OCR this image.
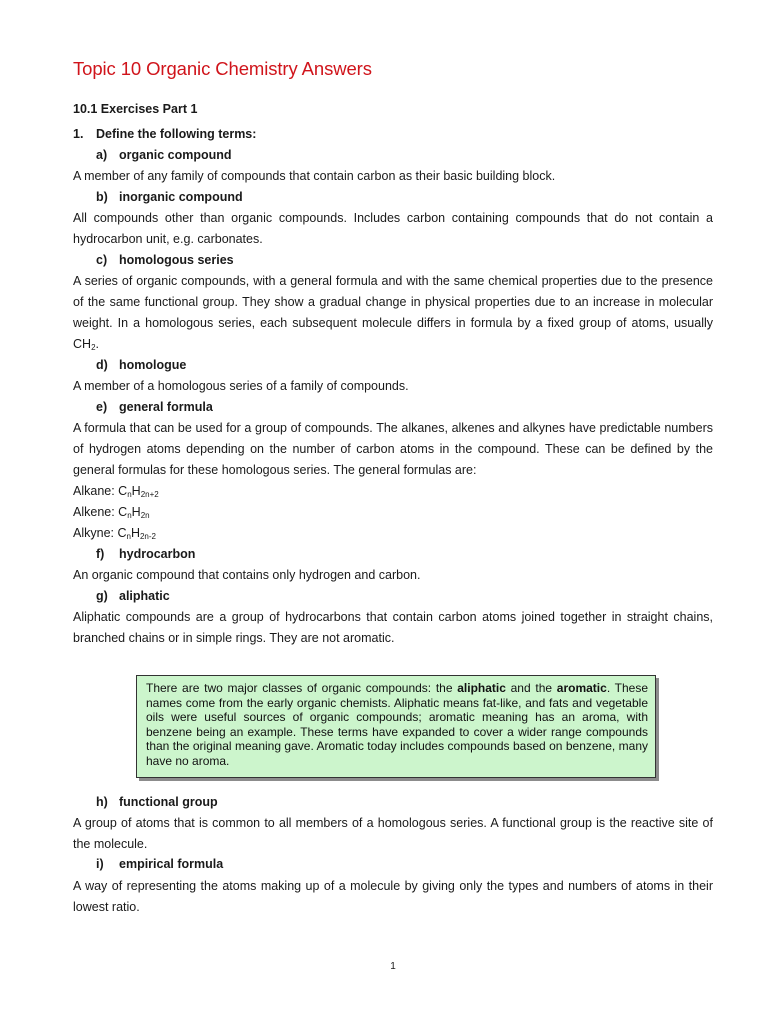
Topic 10 Organic Chemistry Answers
10.1 Exercises Part 1
1. Define the following terms:
a) organic compound
A member of any family of compounds that contain carbon as their basic building block.
b) inorganic compound
All compounds other than organic compounds. Includes carbon containing compounds that do not contain a hydrocarbon unit, e.g. carbonates.
c) homologous series
A series of organic compounds, with a general formula and with the same chemical properties due to the presence of the same functional group. They show a gradual change in physical properties due to an increase in molecular weight. In a homologous series, each subsequent molecule differs in formula by a fixed group of atoms, usually $CH_2$.
d) homologue
A member of a homologous series of a family of compounds.
e) general formula
A formula that can be used for a group of compounds. The alkanes, alkenes and alkynes have predictable numbers of hydrogen atoms depending on the number of carbon atoms in the compound. These can be defined by the general formulas for these homologous series. The general formulas are:
Alkane: $C_nH_{2n+2}$
Alkene: $C_nH_{2n}$
Alkyne: $C_nH_{2n-2}$
f) hydrocarbon
An organic compound that contains only hydrogen and carbon.
g) aliphatic
Aliphatic compounds are a group of hydrocarbons that contain carbon atoms joined together in straight chains, branched chains or in simple rings. They are not aromatic.
There are two major classes of organic compounds: the aliphatic and the aromatic. These names come from the early organic chemists. Aliphatic means fat-like, and fats and vegetable oils were useful sources of organic compounds; aromatic meaning has an aroma, with benzene being an example. These terms have expanded to cover a wider range compounds than the original meaning gave. Aromatic today includes compounds based on benzene, many have no aroma.
h) functional group
A group of atoms that is common to all members of a homologous series. A functional group is the reactive site of the molecule.
i) empirical formula
A way of representing the atoms making up of a molecule by giving only the types and numbers of atoms in their lowest ratio.
1
